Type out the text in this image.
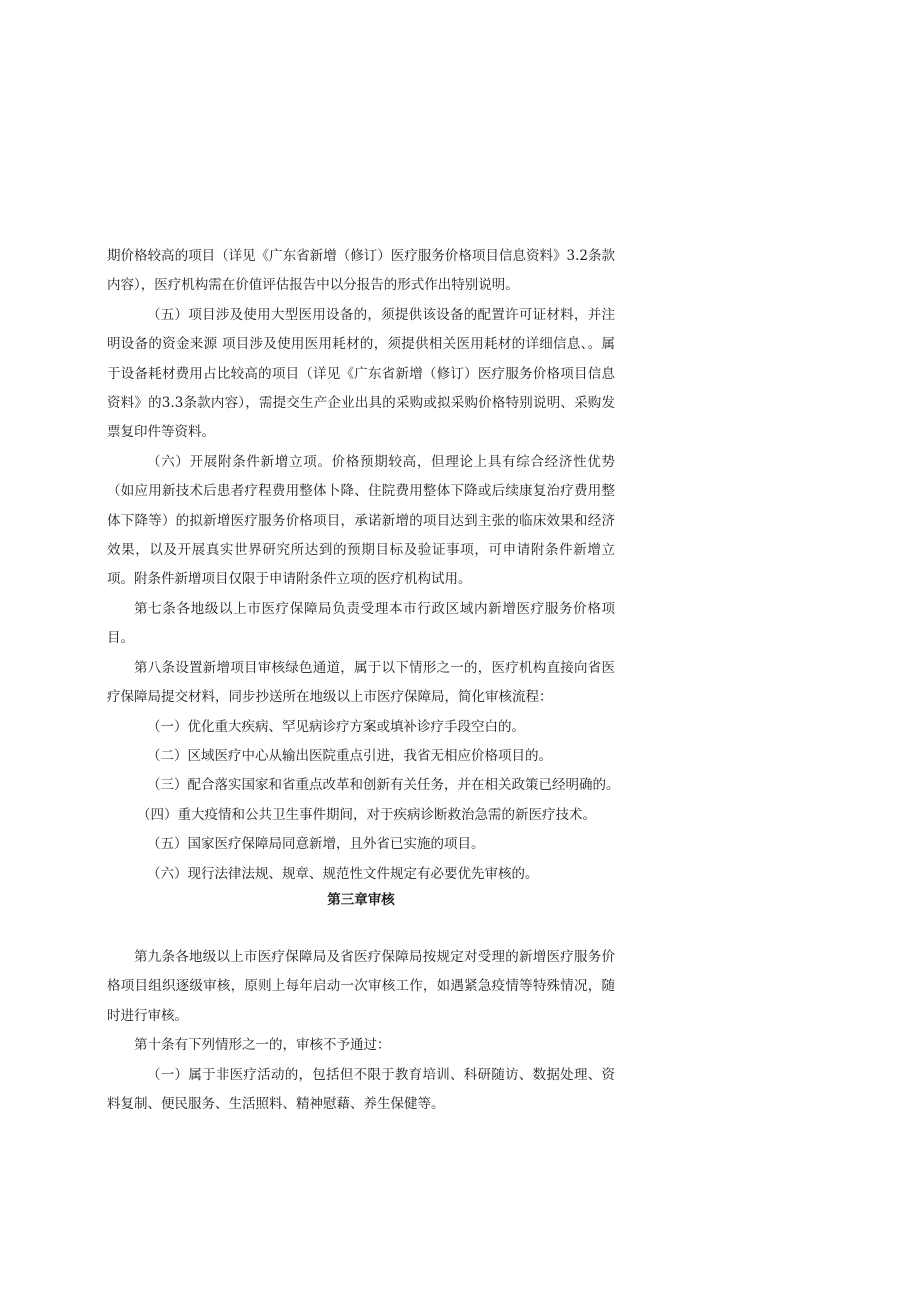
期价格较高的项目（详见《广东省新增（修订）医疗服务价格项目信息资料》3.2条款内容），医疗机构需在价值评估报告中以分报告的形式作出特别说明。

（五）项目涉及使用大型医用设备的，须提供该设备的配置许可证材料，并注明设备的资金来源 项目涉及使用医用耗材的，须提供相关医用耗材的详细信息、。属于设备耗材费用占比较高的项目（详见《广东省新增（修订）医疗服务价格项目信息资料》的3.3条款内容），需提交生产企业出具的采购或拟采购价格特别说明、采购发票复印件等资料。

（六）开展附条件新增立项。价格预期较高，但理论上具有综合经济性优势（如应用新技术后患者疗程费用整体卜降、住院费用整体下降或后续康复治疗费用整体下降等）的拟新增医疗服务价格项目，承诺新增的项目达到主张的临床效果和经济效果，以及开展真实世界研究所达到的预期目标及验证事项，可申请附条件新增立项。附条件新增项目仅限于申请附条件立项的医疗机构试用。

第七条各地级以上市医疗保障局负责受理本市行政区域内新增医疗服务价格项目。

第八条设置新增项目审核绿色通道，属于以下情形之一的，医疗机构直接向省医疗保障局提交材料，同步抄送所在地级以上市医疗保障局，简化审核流程：

（一）优化重大疾病、罕见病诊疗方案或填补诊疗手段空白的。

（二）区域医疗中心从输出医院重点引进，我省无相应价格项目的。

（三）配合落实国家和省重点改革和创新有关任务，并在相关政策已经明确的。

（四）重大疫情和公共卫生事件期间，对于疾病诊断救治急需的新医疗技术。

（五）国家医疗保障局同意新增，且外省已实施的项目。

（六）现行法律法规、规章、规范性文件规定有必要优先审核的。

第三章审核

第九条各地级以上市医疗保障局及省医疗保障局按规定对受理的新增医疗服务价格项目组织逐级审核，原则上每年启动一次审核工作，如遇紧急疫情等特殊情况，随时进行审核。

第十条有下列情形之一的，审核不予通过：

（一）属于非医疗活动的，包括但不限于教育培训、科研随访、数据处理、资料复制、便民服务、生活照料、精神慰藉、养生保健等。
